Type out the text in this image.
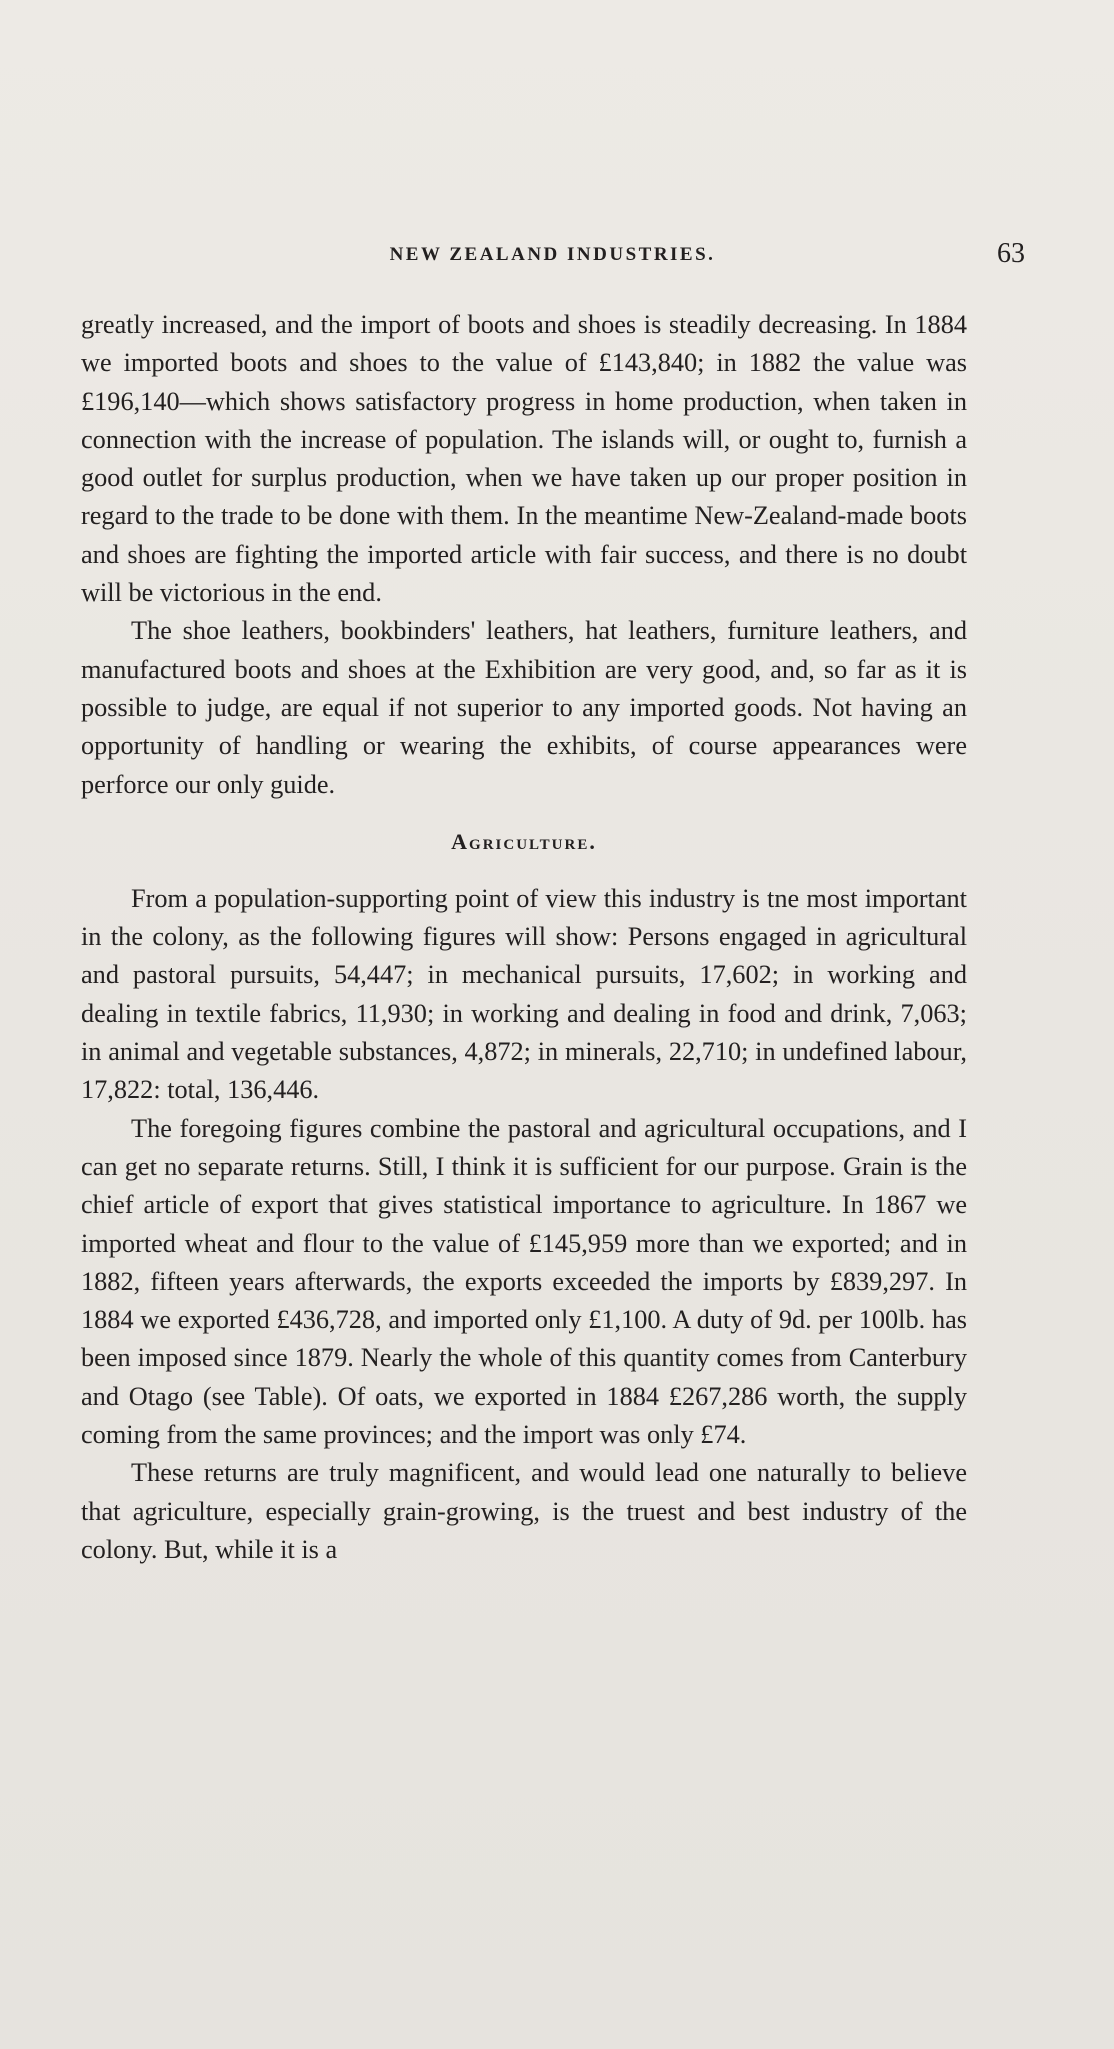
NEW ZEALAND INDUSTRIES.	63

greatly increased, and the import of boots and shoes is steadily decreasing. In 1884 we imported boots and shoes to the value of £143,840; in 1882 the value was £196,140—which shows satisfactory progress in home production, when taken in connection with the increase of population. The islands will, or ought to, furnish a good outlet for surplus production, when we have taken up our proper position in regard to the trade to be done with them. In the meantime New-Zealand-made boots and shoes are fighting the imported article with fair success, and there is no doubt will be victorious in the end.

The shoe leathers, bookbinders' leathers, hat leathers, furniture leathers, and manufactured boots and shoes at the Exhibition are very good, and, so far as it is possible to judge, are equal if not superior to any imported goods. Not having an opportunity of handling or wearing the exhibits, of course appearances were perforce our only guide.

Agriculture.

From a population-supporting point of view this industry is tne most important in the colony, as the following figures will show: Persons engaged in agricultural and pastoral pursuits, 54,447; in mechanical pursuits, 17,602; in working and dealing in textile fabrics, 11,930; in working and dealing in food and drink, 7,063; in animal and vegetable substances, 4,872; in minerals, 22,710; in undefined labour, 17,822: total, 136,446.

The foregoing figures combine the pastoral and agricultural occupations, and I can get no separate returns. Still, I think it is sufficient for our purpose. Grain is the chief article of export that gives statistical importance to agriculture. In 1867 we imported wheat and flour to the value of £145,959 more than we exported; and in 1882, fifteen years afterwards, the exports exceeded the imports by £839,297. In 1884 we exported £436,728, and imported only £1,100. A duty of 9d. per 100lb. has been imposed since 1879. Nearly the whole of this quantity comes from Canterbury and Otago (see Table). Of oats, we exported in 1884 £267,286 worth, the supply coming from the same provinces; and the import was only £74.

These returns are truly magnificent, and would lead one naturally to believe that agriculture, especially grain-growing, is the truest and best industry of the colony. But, while it is a
